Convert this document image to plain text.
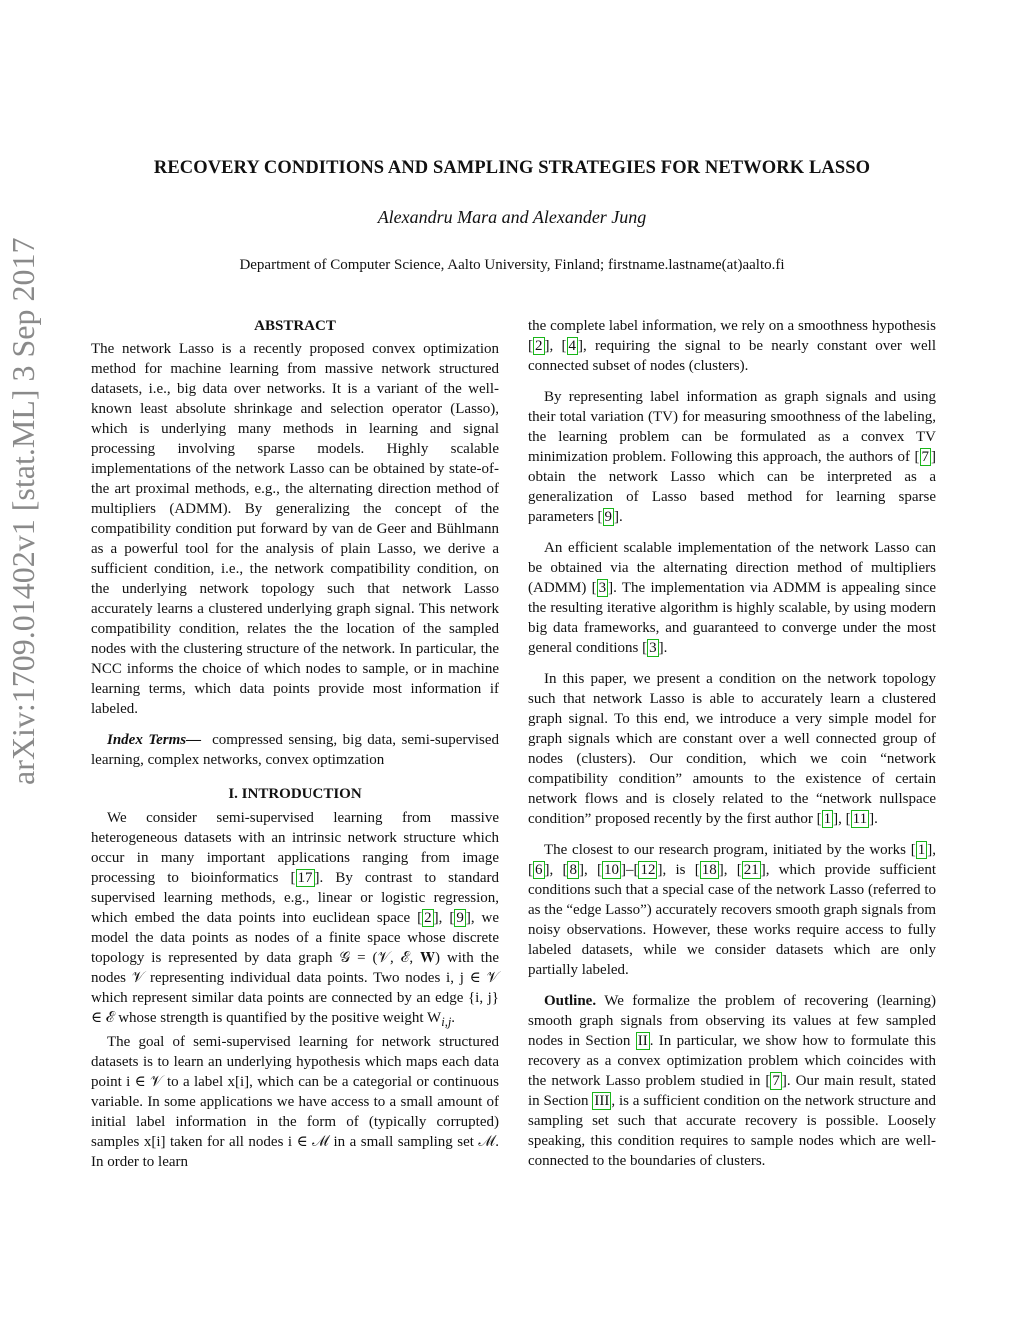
arXiv:1709.01402v1 [stat.ML] 3 Sep 2017
RECOVERY CONDITIONS AND SAMPLING STRATEGIES FOR NETWORK LASSO
Alexandru Mara and Alexander Jung
Department of Computer Science, Aalto University, Finland; firstname.lastname(at)aalto.fi
ABSTRACT

The network Lasso is a recently proposed convex optimization method for machine learning from massive network structured datasets, i.e., big data over networks. It is a variant of the well-known least absolute shrinkage and selection operator (Lasso), which is underlying many methods in learning and signal processing involving sparse models. Highly scalable implementations of the network Lasso can be obtained by state-of-the art proximal methods, e.g., the alternating direction method of multipliers (ADMM). By generalizing the concept of the compatibility condition put forward by van de Geer and Bühlmann as a powerful tool for the analysis of plain Lasso, we derive a sufficient condition, i.e., the network compatibility condition, on the underlying network topology such that network Lasso accurately learns a clustered underlying graph signal. This network compatibility condition, relates the the location of the sampled nodes with the clustering structure of the network. In particular, the NCC informs the choice of which nodes to sample, or in machine learning terms, which data points provide most information if labeled.

Index Terms— compressed sensing, big data, semi-supervised learning, complex networks, convex optimzation

I. INTRODUCTION

We consider semi-supervised learning from massive heterogeneous datasets with an intrinsic network structure which occur in many important applications ranging from image processing to bioinformatics [ 17 ]. By contrast to standard supervised learning methods, e.g., linear or logistic regression, which embed the data points into euclidean space [ 2 ], [ 9 ], we model the data points as nodes of a finite space whose discrete topology is represented by data graph 𝒢 = (𝒱, ℰ, 𝐖) with the nodes 𝒱 representing individual data points. Two nodes i, j ∈ 𝒱 which represent similar data points are connected by an edge {i, j} ∈ ℰ whose strength is quantified by the positive weight $W_{i,j}$.

The goal of semi-supervised learning for network structured datasets is to learn an underlying hypothesis which maps each data point i ∈ 𝒱 to a label x[i], which can be a categorial or continuous variable. In some applications we have access to a small amount of initial label information in the form of (typically corrupted) samples x[i] taken for all nodes i ∈ ℳ in a small sampling set ℳ. In order to learn

the complete label information, we rely on a smoothness hypothesis [ 2 ], [ 4 ], requiring the signal to be nearly constant over well connected subset of nodes (clusters).

By representing label information as graph signals and using their total variation (TV) for measuring smoothness of the labeling, the learning problem can be formulated as a convex TV minimization problem. Following this approach, the authors of [ 7 ] obtain the network Lasso which can be interpreted as a generalization of Lasso based method for learning sparse parameters [ 9 ].

An efficient scalable implementation of the network Lasso can be obtained via the alternating direction method of multipliers (ADMM) [ 3 ]. The implementation via ADMM is appealing since the resulting iterative algorithm is highly scalable, by using modern big data frameworks, and guaranteed to converge under the most general conditions [ 3 ].

In this paper, we present a condition on the network topology such that network Lasso is able to accurately learn a clustered graph signal. To this end, we introduce a very simple model for graph signals which are constant over a well connected group of nodes (clusters). Our condition, which we coin “network compatibility condition” amounts to the existence of certain network flows and is closely related to the “network nullspace condition” proposed recently by the first author [ 1 ], [ 11 ].

The closest to our research program, initiated by the works [ 1 ], [ 6 ], [ 8 ], [ 10 ]–[ 12 ], is [ 18 ], [ 21 ], which provide sufficient conditions such that a special case of the network Lasso (referred to as the “edge Lasso”) accurately recovers smooth graph signals from noisy observations. However, these works require access to fully labeled datasets, while we consider datasets which are only partially labeled.

Outline. We formalize the problem of recovering (learning) smooth graph signals from observing its values at few sampled nodes in Section II . In particular, we show how to formulate this recovery as a convex optimization problem which coincides with the network Lasso problem studied in [ 7 ]. Our main result, stated in Section III , is a sufficient condition on the network structure and sampling set such that accurate recovery is possible. Loosely speaking, this condition requires to sample nodes which are well-connected to the boundaries of clusters.
